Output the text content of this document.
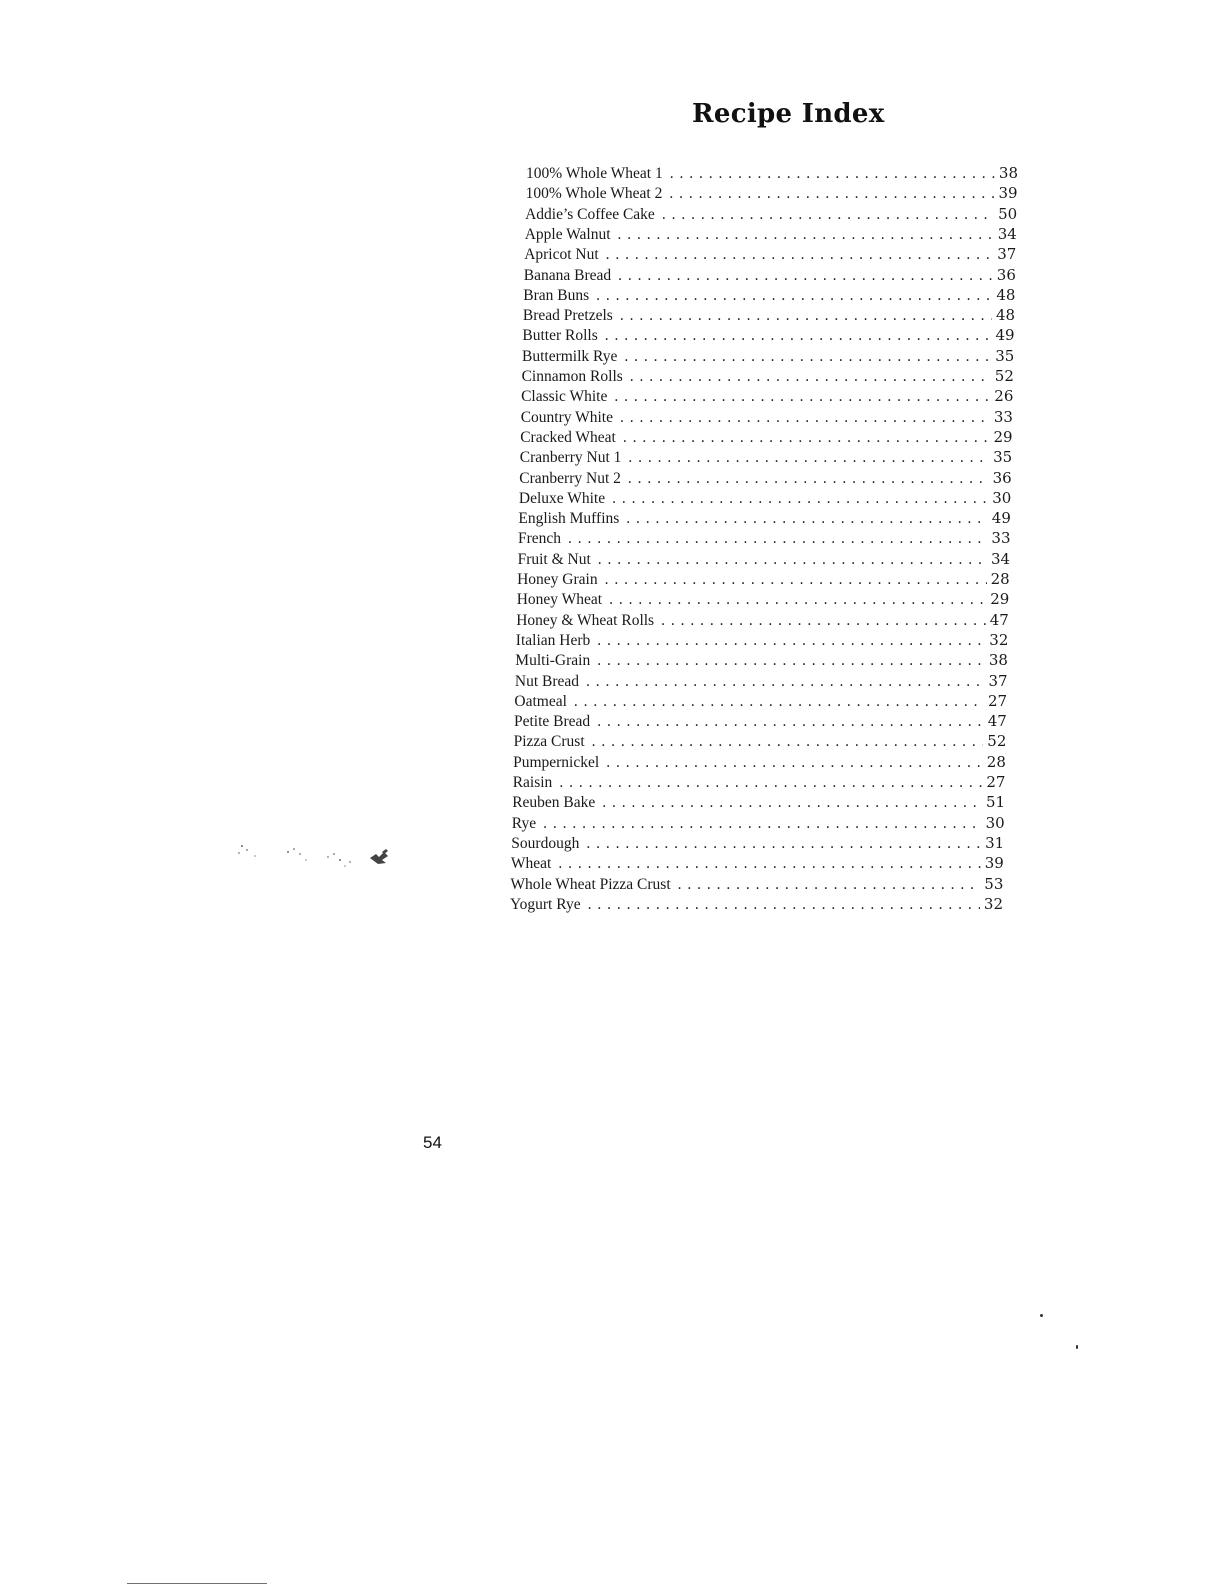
Recipe Index
100% Whole Wheat 1 . . .	38
100% Whole Wheat 2 . . .	39
Addie’s Coffee Cake . . .	50
Apple Walnut . . .	34
Apricot Nut . . .	37
Banana Bread . . .	36
Bran Buns . . .	48
Bread Pretzels . . .	48
Butter Rolls . . .	49
Buttermilk Rye . . .	35
Cinnamon Rolls . . .	52
Classic White . . .	26
Country White . . .	33
Cracked Wheat . . .	29
Cranberry Nut 1 . . .	35
Cranberry Nut 2 . . .	36
Deluxe White . . .	30
English Muffins . . .	49
French . . .	33
Fruit & Nut . . .	34
Honey Grain . . .	28
Honey Wheat . . .	29
Honey & Wheat Rolls . . .	47
Italian Herb . . .	32
Multi-Grain . . .	38
Nut Bread . . .	37
Oatmeal . . .	27
Petite Bread . . .	47
Pizza Crust . . .	52
Pumpernickel . . .	28
Raisin . . .	27
Reuben Bake . . .	51
Rye . . .	30
Sourdough . . .	31
Wheat . . .	39
Whole Wheat Pizza Crust . . .	53
Yogurt Rye . . .	32
54
